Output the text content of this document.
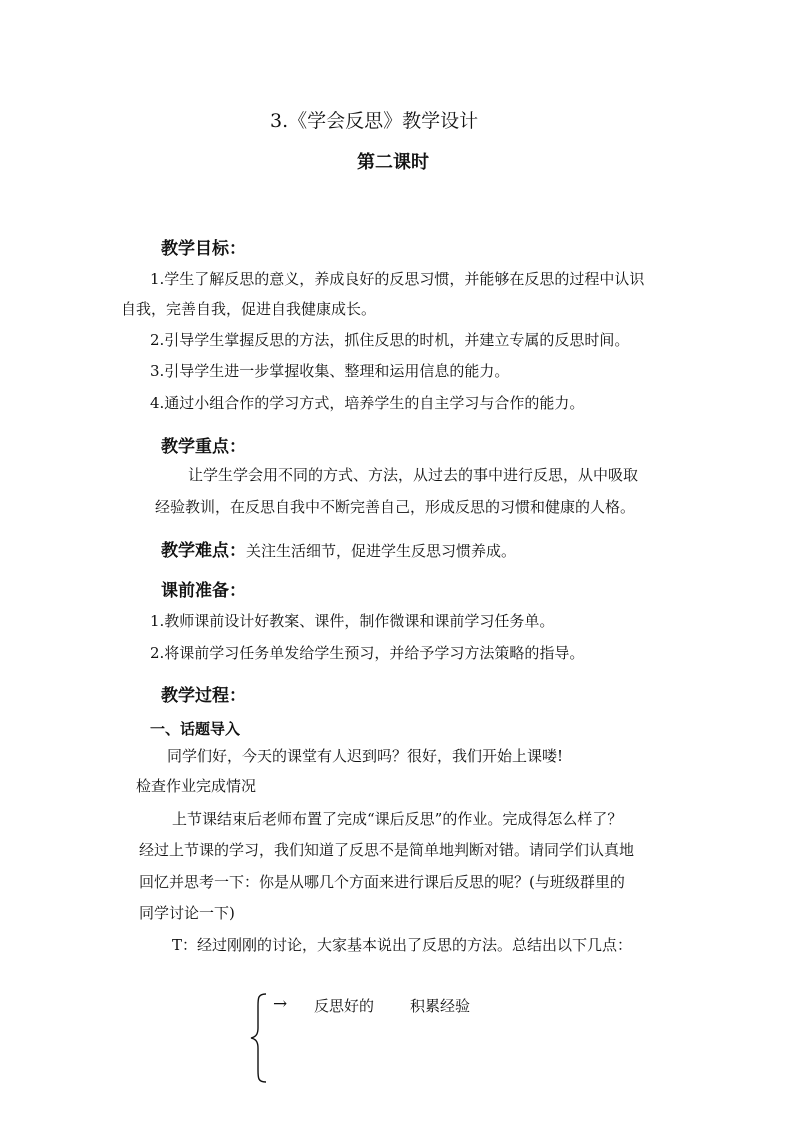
3.《学会反思》教学设计
第二课时
教学目标：
1.学生了解反思的意义，养成良好的反思习惯，并能够在反思的过程中认识
自我，完善自我，促进自我健康成长。
2.引导学生掌握反思的方法，抓住反思的时机，并建立专属的反思时间。
3.引导学生进一步掌握收集、整理和运用信息的能力。
4.通过小组合作的学习方式，培养学生的自主学习与合作的能力。
教学重点：
让学生学会用不同的方式、方法，从过去的事中进行反思，从中吸取
经验教训，在反思自我中不断完善自己，形成反思的习惯和健康的人格。
教学难点：关注生活细节，促进学生反思习惯养成。
课前准备：
1.教师课前设计好教案、课件，制作微课和课前学习任务单。
2.将课前学习任务单发给学生预习，并给予学习方法策略的指导。
教学过程：
一、话题导入
同学们好，今天的课堂有人迟到吗？很好，我们开始上课喽!
检查作业完成情况
上节课结束后老师布置了完成“课后反思”的作业。完成得怎么样了？
经过上节课的学习，我们知道了反思不是简单地判断对错。请同学们认真地
回忆并思考一下：你是从哪几个方面来进行课后反思的呢？(与班级群里的
同学讨论一下)
T：经过刚刚的讨论，大家基本说出了反思的方法。总结出以下几点：
→ 反思好的 积累经验
